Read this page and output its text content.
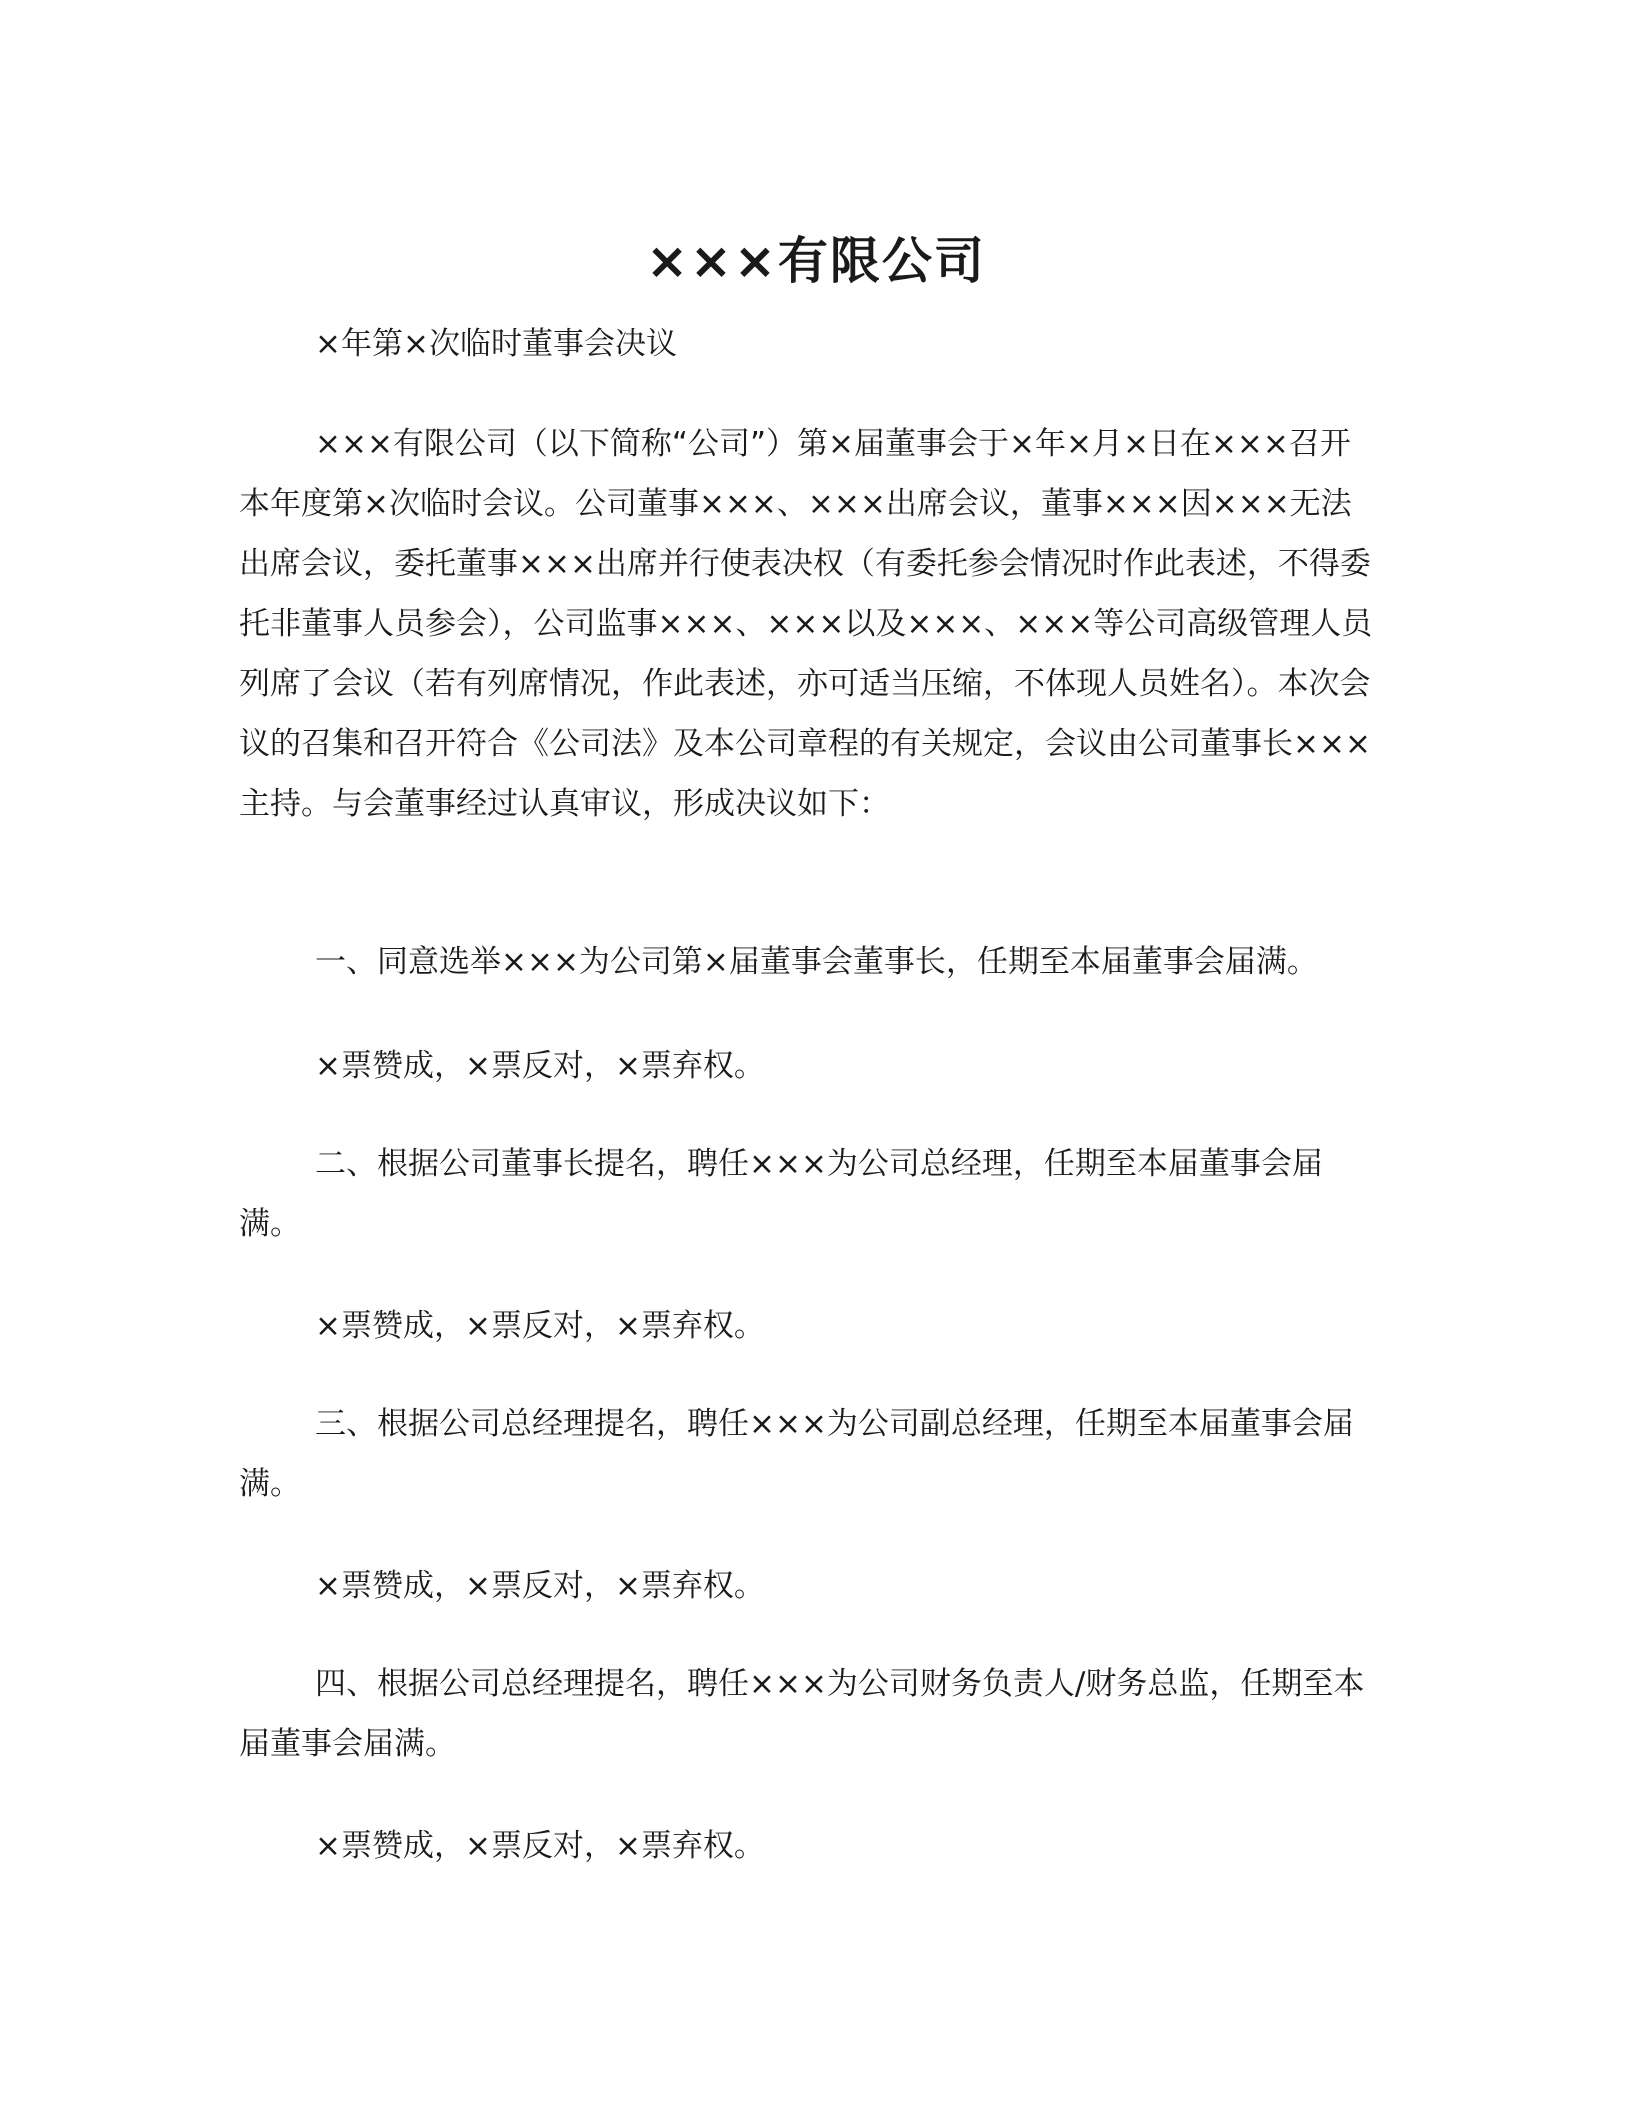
×××有限公司

×年第×次临时董事会决议

×××有限公司（以下简称“公司”）第×届董事会于×年×月×日在×××召开本年度第×次临时会议。公司董事×××、×××出席会议，董事×××因×××无法出席会议，委托董事×××出席并行使表决权（有委托参会情况时作此表述，不得委托非董事人员参会），公司监事×××、×××以及×××、×××等公司高级管理人员列席了会议（若有列席情况，作此表述，亦可适当压缩，不体现人员姓名）。本次会议的召集和召开符合《公司法》及本公司章程的有关规定，会议由公司董事长×××主持。与会董事经过认真审议，形成决议如下：

一、同意选举×××为公司第×届董事会董事长，任期至本届董事会届满。

×票赞成，×票反对，×票弃权。

二、根据公司董事长提名，聘任×××为公司总经理，任期至本届董事会届满。

×票赞成，×票反对，×票弃权。

三、根据公司总经理提名，聘任×××为公司副总经理，任期至本届董事会届满。

×票赞成，×票反对，×票弃权。

四、根据公司总经理提名，聘任×××为公司财务负责人/财务总监，任期至本届董事会届满。

×票赞成，×票反对，×票弃权。
